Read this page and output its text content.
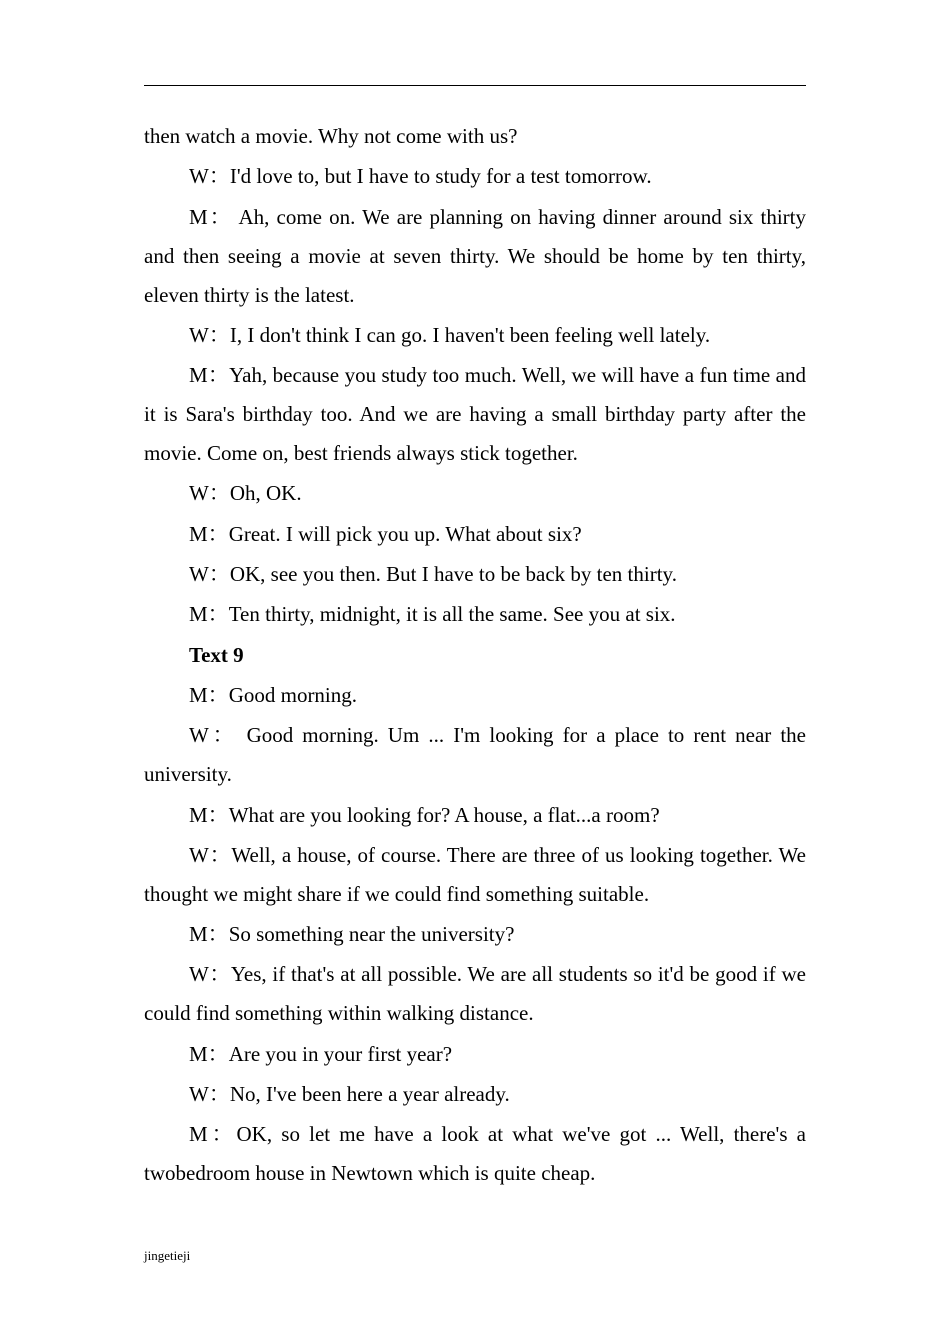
then watch a movie. Why not come with us?

W：I'd love to, but I have to study for a test tomorrow.

M： Ah, come on. We are planning on having dinner around six thirty and then seeing a movie at seven thirty. We should be home by ten thirty, eleven thirty is the latest.

W：I, I don't think I can go. I haven't been feeling well lately.

M：Yah, because you study too much. Well, we will have a fun time and it is Sara's birthday too. And we are having a small birthday party after the movie. Come on, best friends always stick together.

W：Oh, OK.

M：Great. I will pick you up. What about six?

W：OK, see you then. But I have to be back by ten thirty.

M：Ten thirty, midnight, it is all the same. See you at six.

Text 9

M：Good morning.

W： Good morning. Um ... I'm looking for a place to rent near the university.

M：What are you looking for? A house, a flat...a room?

W：Well, a house, of course. There are three of us looking together. We thought we might share if we could find something suitable.

M：So something near the university?

W：Yes, if that's at all possible. We are all students so it'd be good if we could find something within walking distance.

M：Are you in your first year?

W：No, I've been here a year already.

M：OK, so let me have a look at what we've got ... Well, there's a twobedroom house in Newtown which is quite cheap.

jingetieji
